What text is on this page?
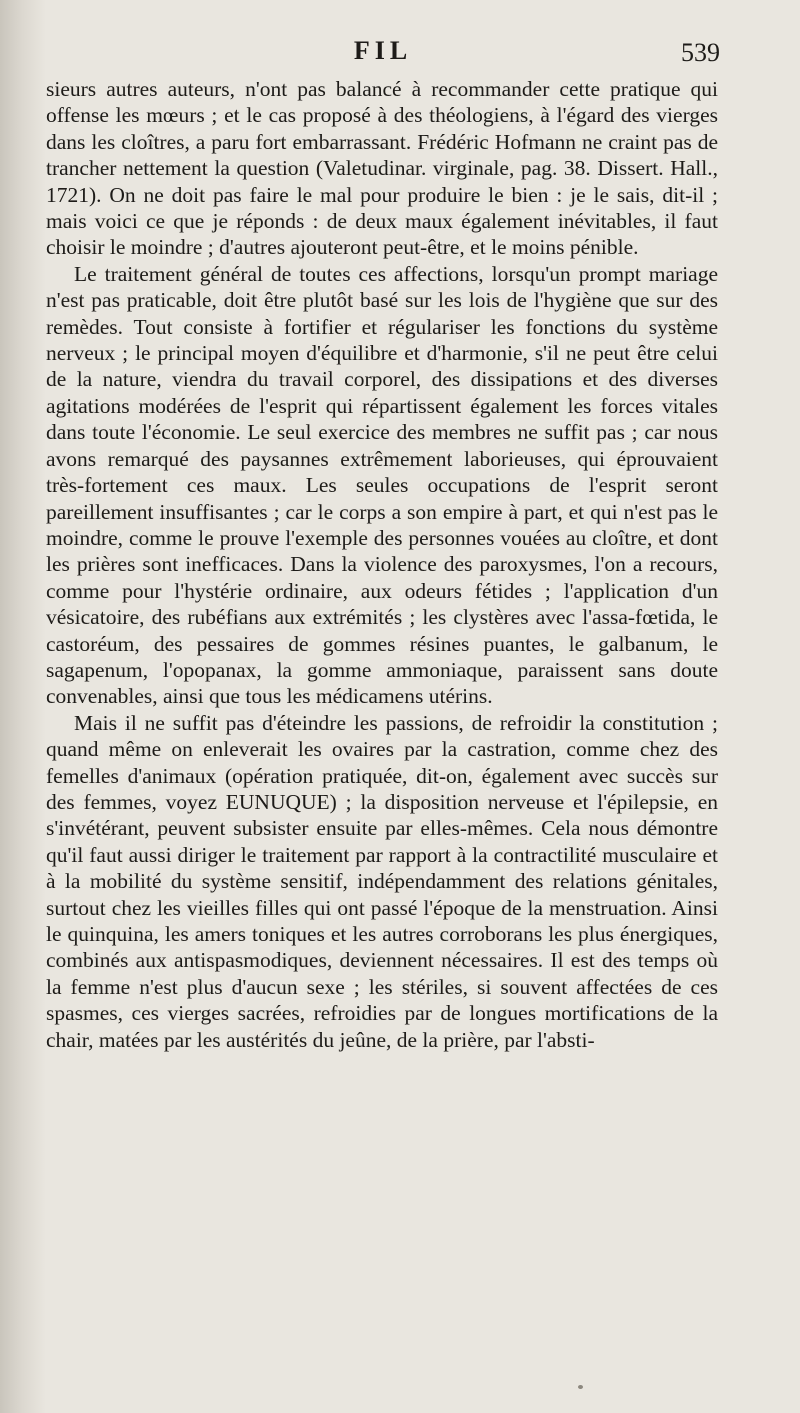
FIL	539

sieurs autres auteurs, n'ont pas balancé à recommander cette pratique qui offense les mœurs ; et le cas proposé à des théologiens, à l'égard des vierges dans les cloîtres, a paru fort embarrassant. Frédéric Hofmann ne craint pas de trancher nettement la question (Valetudinar. virginale, pag. 38. Dissert. Hall., 1721). On ne doit pas faire le mal pour produire le bien : je le sais, dit-il ; mais voici ce que je réponds : de deux maux également inévitables, il faut choisir le moindre ; d'autres ajouteront peut-être, et le moins pénible.

Le traitement général de toutes ces affections, lorsqu'un prompt mariage n'est pas praticable, doit être plutôt basé sur les lois de l'hygiène que sur des remèdes. Tout consiste à fortifier et régulariser les fonctions du système nerveux ; le principal moyen d'équilibre et d'harmonie, s'il ne peut être celui de la nature, viendra du travail corporel, des dissipations et des diverses agitations modérées de l'esprit qui répartissent également les forces vitales dans toute l'économie. Le seul exercice des membres ne suffit pas ; car nous avons remarqué des paysannes extrêmement laborieuses, qui éprouvaient très-fortement ces maux. Les seules occupations de l'esprit seront pareillement insuffisantes ; car le corps a son empire à part, et qui n'est pas le moindre, comme le prouve l'exemple des personnes vouées au cloître, et dont les prières sont inefficaces. Dans la violence des paroxysmes, l'on a recours, comme pour l'hystérie ordinaire, aux odeurs fétides ; l'application d'un vésicatoire, des rubéfians aux extrémités ; les clystères avec l'assa-fœtida, le castoréum, des pessaires de gommes résines puantes, le galbanum, le sagapenum, l'opopanax, la gomme ammoniaque, paraissent sans doute convenables, ainsi que tous les médicamens utérins.

Mais il ne suffit pas d'éteindre les passions, de refroidir la constitution ; quand même on enleverait les ovaires par la castration, comme chez des femelles d'animaux (opération pratiquée, dit-on, également avec succès sur des femmes, voyez EUNUQUE) ; la disposition nerveuse et l'épilepsie, en s'invétérant, peuvent subsister ensuite par elles-mêmes. Cela nous démontre qu'il faut aussi diriger le traitement par rapport à la contractilité musculaire et à la mobilité du système sensitif, indépendamment des relations génitales, surtout chez les vieilles filles qui ont passé l'époque de la menstruation. Ainsi le quinquina, les amers toniques et les autres corroborans les plus énergiques, combinés aux antispasmodiques, deviennent nécessaires. Il est des temps où la femme n'est plus d'aucun sexe ; les stériles, si souvent affectées de ces spasmes, ces vierges sacrées, refroidies par de longues mortifications de la chair, matées par les austérités du jeûne, de la prière, par l'absti-
